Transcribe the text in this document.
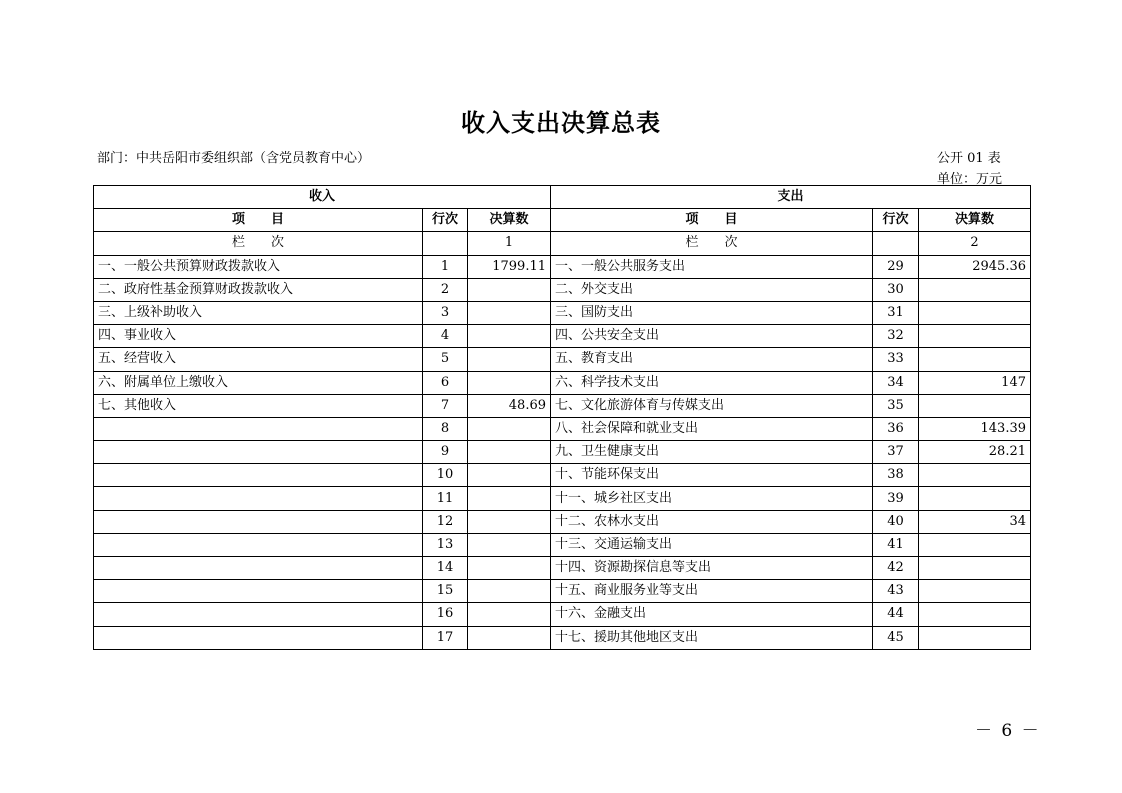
收入支出决算总表
部门：中共岳阳市委组织部（含党员教育中心）	公开 01 表
单位：万元
收入			支出		
项　　目	行次	决算数	项　　目	行次	决算数
栏　　次		1	栏　　次		2
一、一般公共预算财政拨款收入	1	1799.11	一、一般公共服务支出	29	2945.36
二、政府性基金预算财政拨款收入	2		二、外交支出	30	
三、上级补助收入	3		三、国防支出	31	
四、事业收入	4		四、公共安全支出	32	
五、经营收入	5		五、教育支出	33	
六、附属单位上缴收入	6		六、科学技术支出	34	147
七、其他收入	7	48.69	七、文化旅游体育与传媒支出	35	
	8		八、社会保障和就业支出	36	143.39
	9		九、卫生健康支出	37	28.21
	10		十、节能环保支出	38	
	11		十一、城乡社区支出	39	
	12		十二、农林水支出	40	34
	13		十三、交通运输支出	41	
	14		十四、资源勘探信息等支出	42	
	15		十五、商业服务业等支出	43	
	16		十六、金融支出	44	
	17		十七、援助其他地区支出	45	
－ 6 －
